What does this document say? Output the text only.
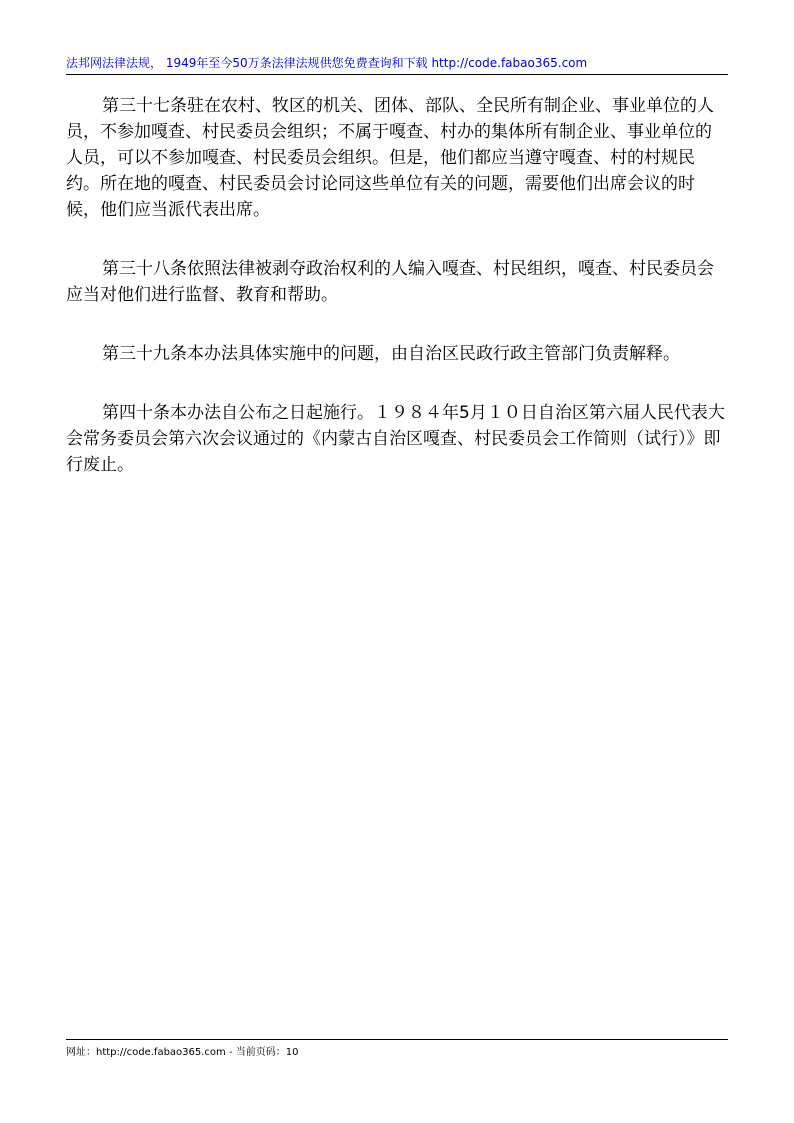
法邦网法律法规， 1949年至今50万条法律法规供您免费查询和下载 http://code.fabao365.com

第三十七条驻在农村、牧区的机关、团体、部队、全民所有制企业、事业单位的人员，不参加嘎查、村民委员会组织；不属于嘎查、村办的集体所有制企业、事业单位的人员，可以不参加嘎查、村民委员会组织。但是，他们都应当遵守嘎查、村的村规民约。所在地的嘎查、村民委员会讨论同这些单位有关的问题，需要他们出席会议的时候，他们应当派代表出席。

第三十八条依照法律被剥夺政治权利的人编入嘎查、村民组织，嘎查、村民委员会应当对他们进行监督、教育和帮助。

第三十九条本办法具体实施中的问题，由自治区民政行政主管部门负责解释。

第四十条本办法自公布之日起施行。１９８４年5月１０日自治区第六届人民代表大会常务委员会第六次会议通过的《内蒙古自治区嘎查、村民委员会工作简则（试行）》即行废止。

网址：http://code.fabao365.com - 当前页码：10
